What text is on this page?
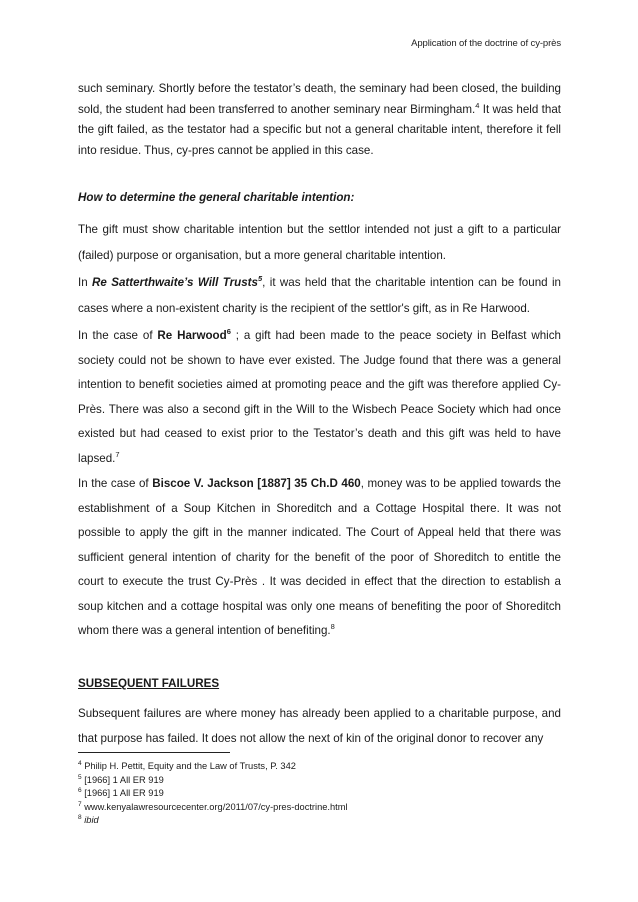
Application of the doctrine of cy-près

such seminary. Shortly before the testator’s death, the seminary had been closed, the building sold, the student had been transferred to another seminary near Birmingham.$^4$ It was held that the gift failed, as the testator had a specific but not a general charitable intent, therefore it fell into residue. Thus, cy-pres cannot be applied in this case.

How to determine the general charitable intention:

The gift must show charitable intention but the settlor intended not just a gift to a particular (failed) purpose or organisation, but a more general charitable intention.

In Re Satterthwaite’s Will Trusts$^5$, it was held that the charitable intention can be found in cases where a non-existent charity is the recipient of the settlor's gift, as in Re Harwood.

In the case of Re Harwood$^6$ ; a gift had been made to the peace society in Belfast which society could not be shown to have ever existed. The Judge found that there was a general intention to benefit societies aimed at promoting peace and the gift was therefore applied Cy-Près. There was also a second gift in the Will to the Wisbech Peace Society which had once existed but had ceased to exist prior to the Testator’s death and this gift was held to have lapsed.$^7$

In the case of Biscoe V. Jackson [1887] 35 Ch.D 460, money was to be applied towards the establishment of a Soup Kitchen in Shoreditch and a Cottage Hospital there. It was not possible to apply the gift in the manner indicated. The Court of Appeal held that there was sufficient general intention of charity for the benefit of the poor of Shoreditch to entitle the court to execute the trust Cy-Près . It was decided in effect that the direction to establish a soup kitchen and a cottage hospital was only one means of benefiting the poor of Shoreditch whom there was a general intention of benefiting.$^8$

SUBSEQUENT FAILURES

Subsequent failures are where money has already been applied to a charitable purpose, and that purpose has failed. It does not allow the next of kin of the original donor to recover any

$^4$ Philip H. Pettit, Equity and the Law of Trusts, P. 342
$^5$ [1966] 1 All ER 919
$^6$ [1966] 1 All ER 919
$^7$ www.kenyalawresourcecenter.org/2011/07/cy-pres-doctrine.html
$^8$ ibid
